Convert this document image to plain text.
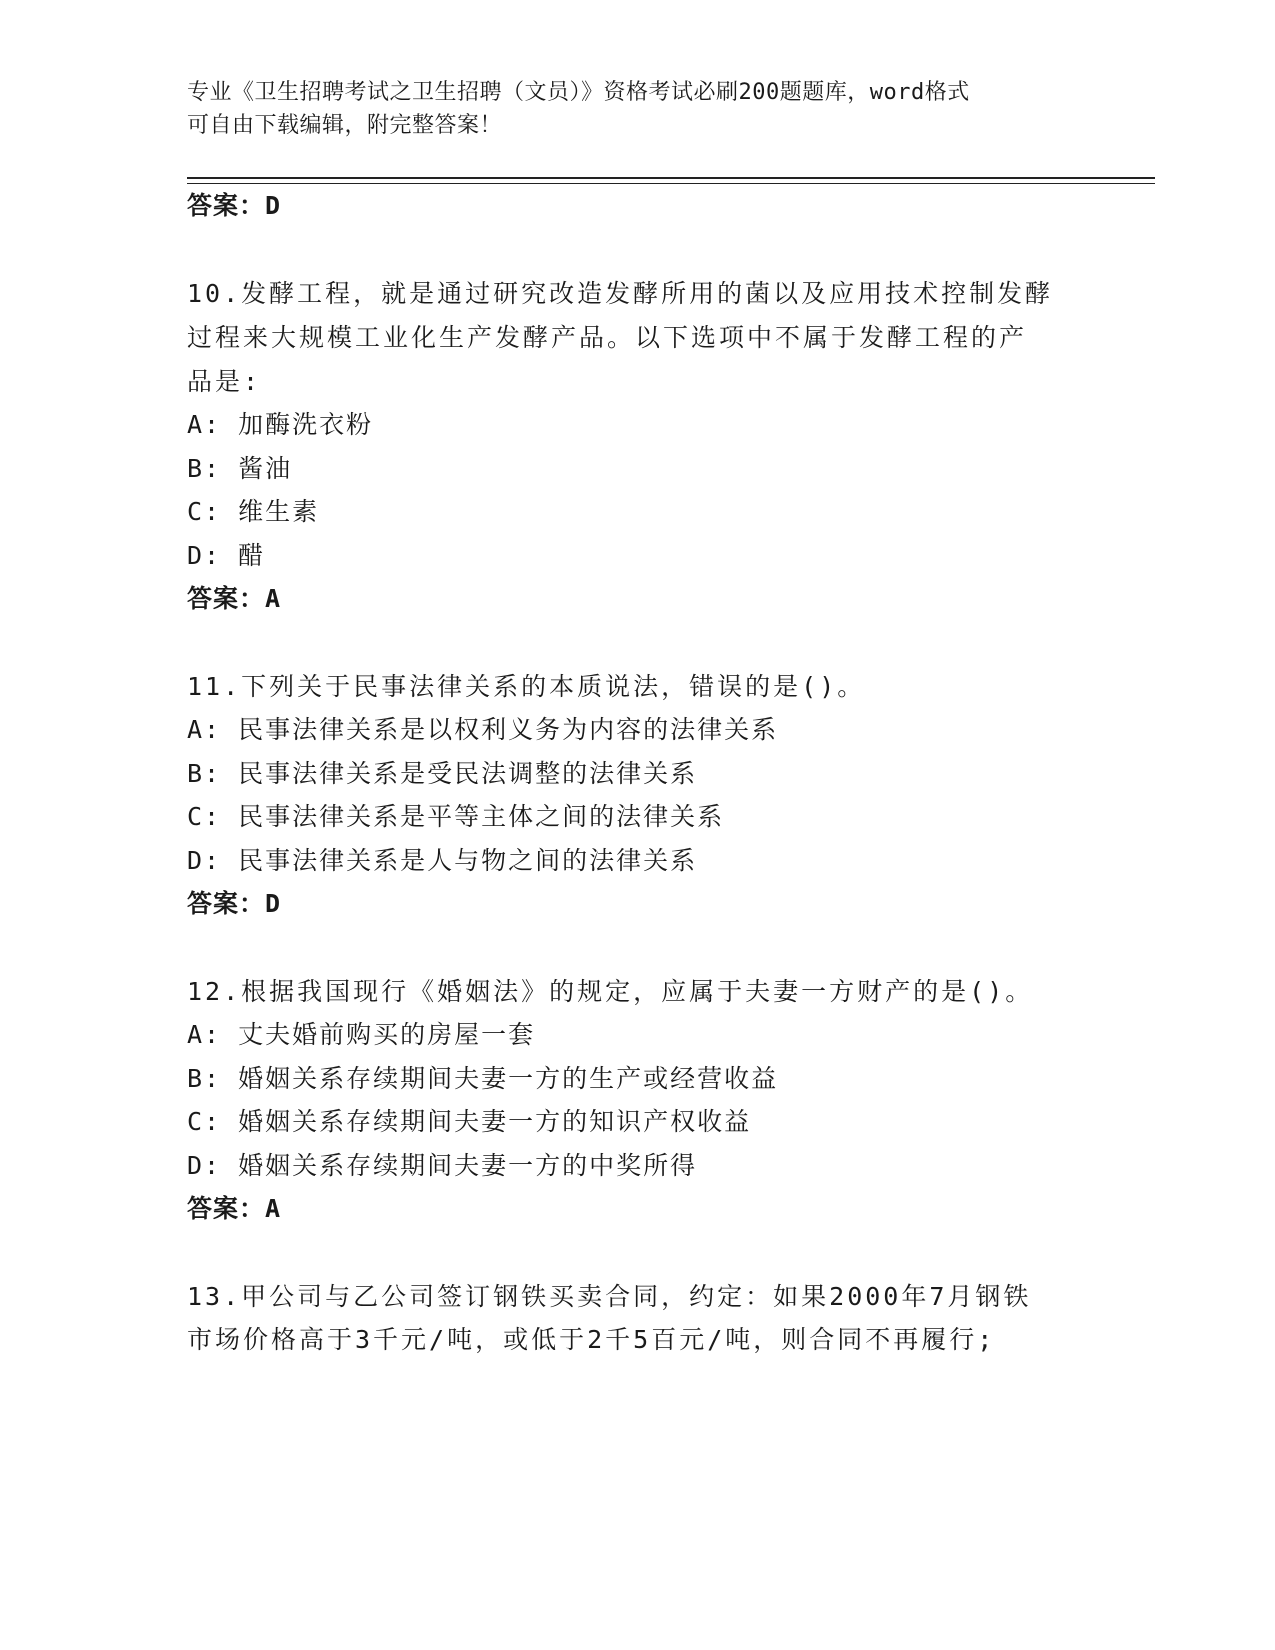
专业《卫生招聘考试之卫生招聘（文员）》资格考试必刷200题题库，word格式
可自由下载编辑，附完整答案！
答案：D
10.发酵工程，就是通过研究改造发酵所用的菌以及应用技术控制发酵
过程来大规模工业化生产发酵产品。以下选项中不属于发酵工程的产
品是:
A: 加酶洗衣粉
B: 酱油
C: 维生素
D: 醋
答案：A
11.下列关于民事法律关系的本质说法，错误的是()。
A: 民事法律关系是以权利义务为内容的法律关系
B: 民事法律关系是受民法调整的法律关系
C: 民事法律关系是平等主体之间的法律关系
D: 民事法律关系是人与物之间的法律关系
答案：D
12.根据我国现行《婚姻法》的规定，应属于夫妻一方财产的是()。
A: 丈夫婚前购买的房屋一套
B: 婚姻关系存续期间夫妻一方的生产或经营收益
C: 婚姻关系存续期间夫妻一方的知识产权收益
D: 婚姻关系存续期间夫妻一方的中奖所得
答案：A
13.甲公司与乙公司签订钢铁买卖合同，约定：如果2000年7月钢铁
市场价格高于3千元/吨，或低于2千5百元/吨，则合同不再履行;
